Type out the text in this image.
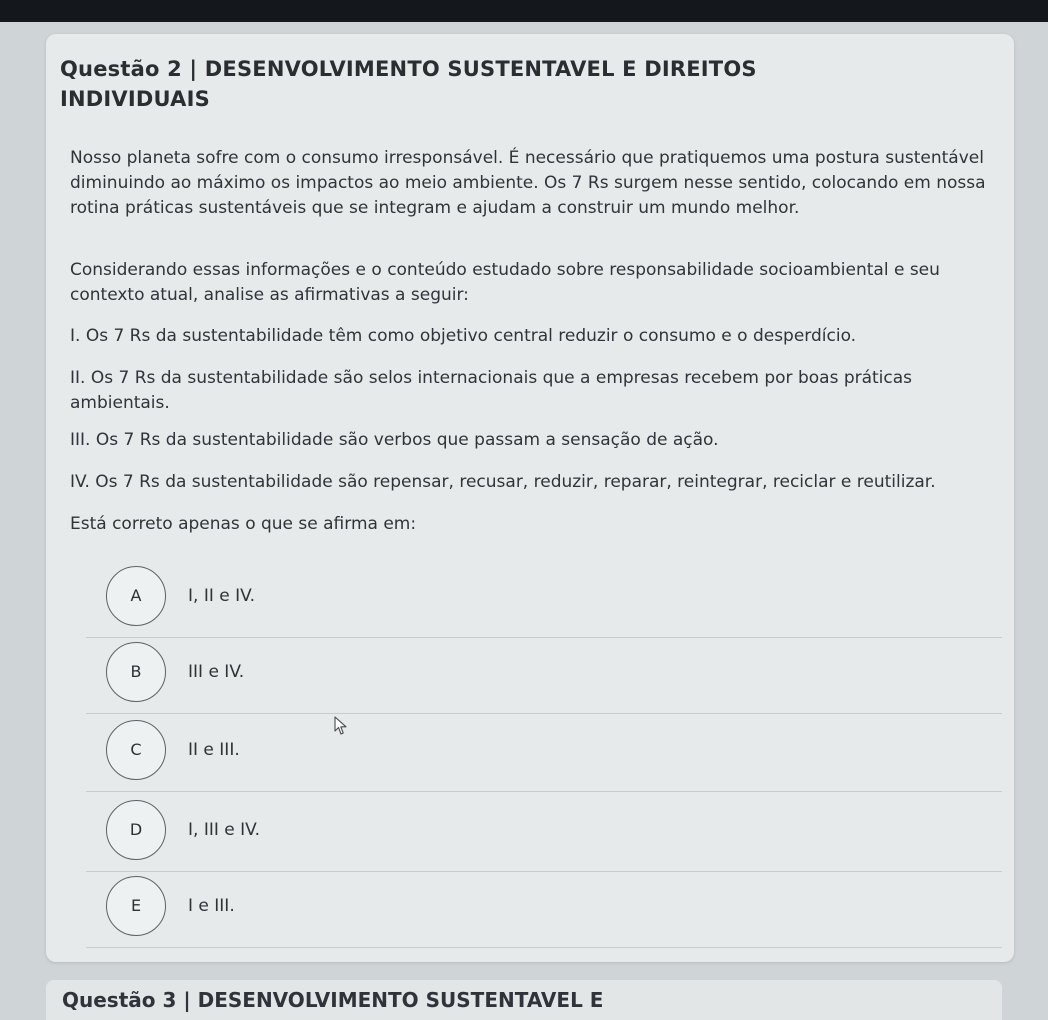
Questão 2 | DESENVOLVIMENTO SUSTENTAVEL E DIREITOS INDIVIDUAIS
Nosso planeta sofre com o consumo irresponsável. É necessário que pratiquemos uma postura sustentável diminuindo ao máximo os impactos ao meio ambiente. Os 7 Rs surgem nesse sentido, colocando em nossa rotina práticas sustentáveis que se integram e ajudam a construir um mundo melhor.
Considerando essas informações e o conteúdo estudado sobre responsabilidade socioambiental e seu contexto atual, analise as afirmativas a seguir:
I. Os 7 Rs da sustentabilidade têm como objetivo central reduzir o consumo e o desperdício.
II. Os 7 Rs da sustentabilidade são selos internacionais que a empresas recebem por boas práticas ambientais.
III. Os 7 Rs da sustentabilidade são verbos que passam a sensação de ação.
IV. Os 7 Rs da sustentabilidade são repensar, recusar, reduzir, reparar, reintegrar, reciclar e reutilizar.
Está correto apenas o que se afirma em:
A	I, II e IV.
B	III e IV.
C	II e III.
D	I, III e IV.
E	I e III.
Questão 3 | DESENVOLVIMENTO SUSTENTAVEL E
